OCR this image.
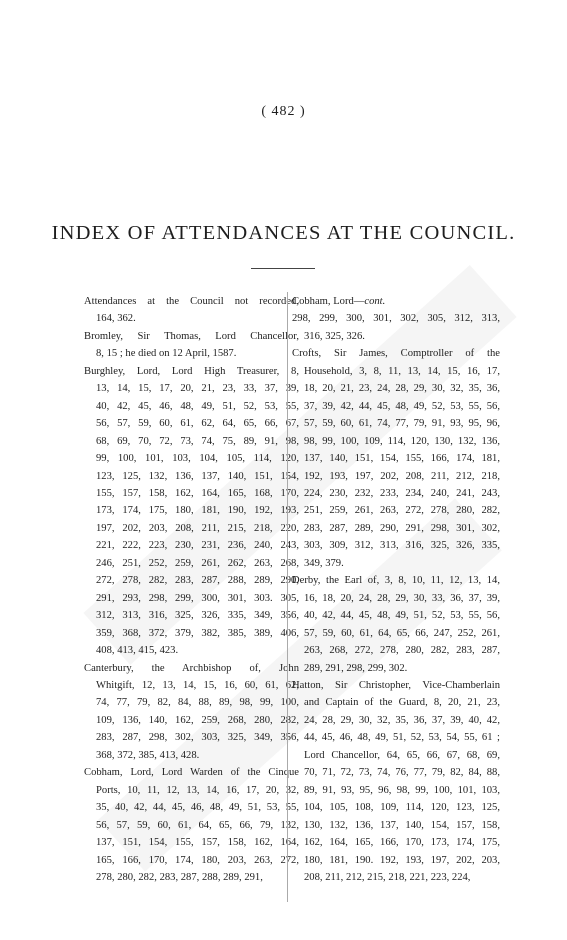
( 482 )
INDEX OF ATTENDANCES AT THE COUNCIL.
Attendances at the Council not recorded,
164, 362.
Bromley, Sir Thomas, Lord Chancellor,
8, 15 ; he died on 12 April, 1587.
Burghley, Lord, Lord High Treasurer, 8,
13, 14, 15, 17, 20, 21, 23, 33, 37, 39,
40, 42, 45, 46, 48, 49, 51, 52, 53, 55,
56, 57, 59, 60, 61, 62, 64, 65, 66, 67,
68, 69, 70, 72, 73, 74, 75, 89, 91, 98,
99, 100, 101, 103, 104, 105, 114, 120,
123, 125, 132, 136, 137, 140, 151, 154,
155, 157, 158, 162, 164, 165, 168, 170,
173, 174, 175, 180, 181, 190, 192, 193,
197, 202, 203, 208, 211, 215, 218, 220,
221, 222, 223, 230, 231, 236, 240, 243,
246, 251, 252, 259, 261, 262, 263, 268,
272, 278, 282, 283, 287, 288, 289, 290,
291, 293, 298, 299, 300, 301, 303. 305,
312, 313, 316, 325, 326, 335, 349, 356,
359, 368, 372, 379, 382, 385, 389, 406,
408, 413, 415, 423.
Canterbury, the Archbishop of, John
Whitgift, 12, 13, 14, 15, 16, 60, 61, 62,
74, 77, 79, 82, 84, 88, 89, 98, 99, 100,
109, 136, 140, 162, 259, 268, 280, 282,
283, 287, 298, 302, 303, 325, 349, 356,
368, 372, 385, 413, 428.
Cobham, Lord, Lord Warden of the Cinque
Ports, 10, 11, 12, 13, 14, 16, 17, 20, 32,
35, 40, 42, 44, 45, 46, 48, 49, 51, 53, 55,
56, 57, 59, 60, 61, 64, 65, 66, 79, 132,
137, 151, 154, 155, 157, 158, 162, 164,
165, 166, 170, 174, 180, 203, 263, 272,
278, 280, 282, 283, 287, 288, 289, 291,
Cobham, Lord—cont.
298, 299, 300, 301, 302, 305, 312, 313,
316, 325, 326.
Crofts, Sir James, Comptroller of the
Household, 3, 8, 11, 13, 14, 15, 16, 17,
18, 20, 21, 23, 24, 28, 29, 30, 32, 35, 36,
37, 39, 42, 44, 45, 48, 49, 52, 53, 55, 56,
57, 59, 60, 61, 74, 77, 79, 91, 93, 95, 96,
98, 99, 100, 109, 114, 120, 130, 132, 136,
137, 140, 151, 154, 155, 166, 174, 181,
192, 193, 197, 202, 208, 211, 212, 218,
224, 230, 232, 233, 234, 240, 241, 243,
251, 259, 261, 263, 272, 278, 280, 282,
283, 287, 289, 290, 291, 298, 301, 302,
303, 309, 312, 313, 316, 325, 326, 335,
349, 379.
Derby, the Earl of, 3, 8, 10, 11, 12, 13, 14,
16, 18, 20, 24, 28, 29, 30, 33, 36, 37, 39,
40, 42, 44, 45, 48, 49, 51, 52, 53, 55, 56,
57, 59, 60, 61, 64, 65, 66, 247, 252, 261,
263, 268, 272, 278, 280, 282, 283, 287,
289, 291, 298, 299, 302.
Hatton, Sir Christopher, Vice-Chamberlain
and Captain of the Guard, 8, 20, 21, 23,
24, 28, 29, 30, 32, 35, 36, 37, 39, 40, 42,
44, 45, 46, 48, 49, 51, 52, 53, 54, 55, 61 ;
Lord Chancellor, 64, 65, 66, 67, 68, 69,
70, 71, 72, 73, 74, 76, 77, 79, 82, 84, 88,
89, 91, 93, 95, 96, 98, 99, 100, 101, 103,
104, 105, 108, 109, 114, 120, 123, 125,
130, 132, 136, 137, 140, 154, 157, 158,
162, 164, 165, 166, 170, 173, 174, 175,
180, 181, 190. 192, 193, 197, 202, 203,
208, 211, 212, 215, 218, 221, 223, 224,
